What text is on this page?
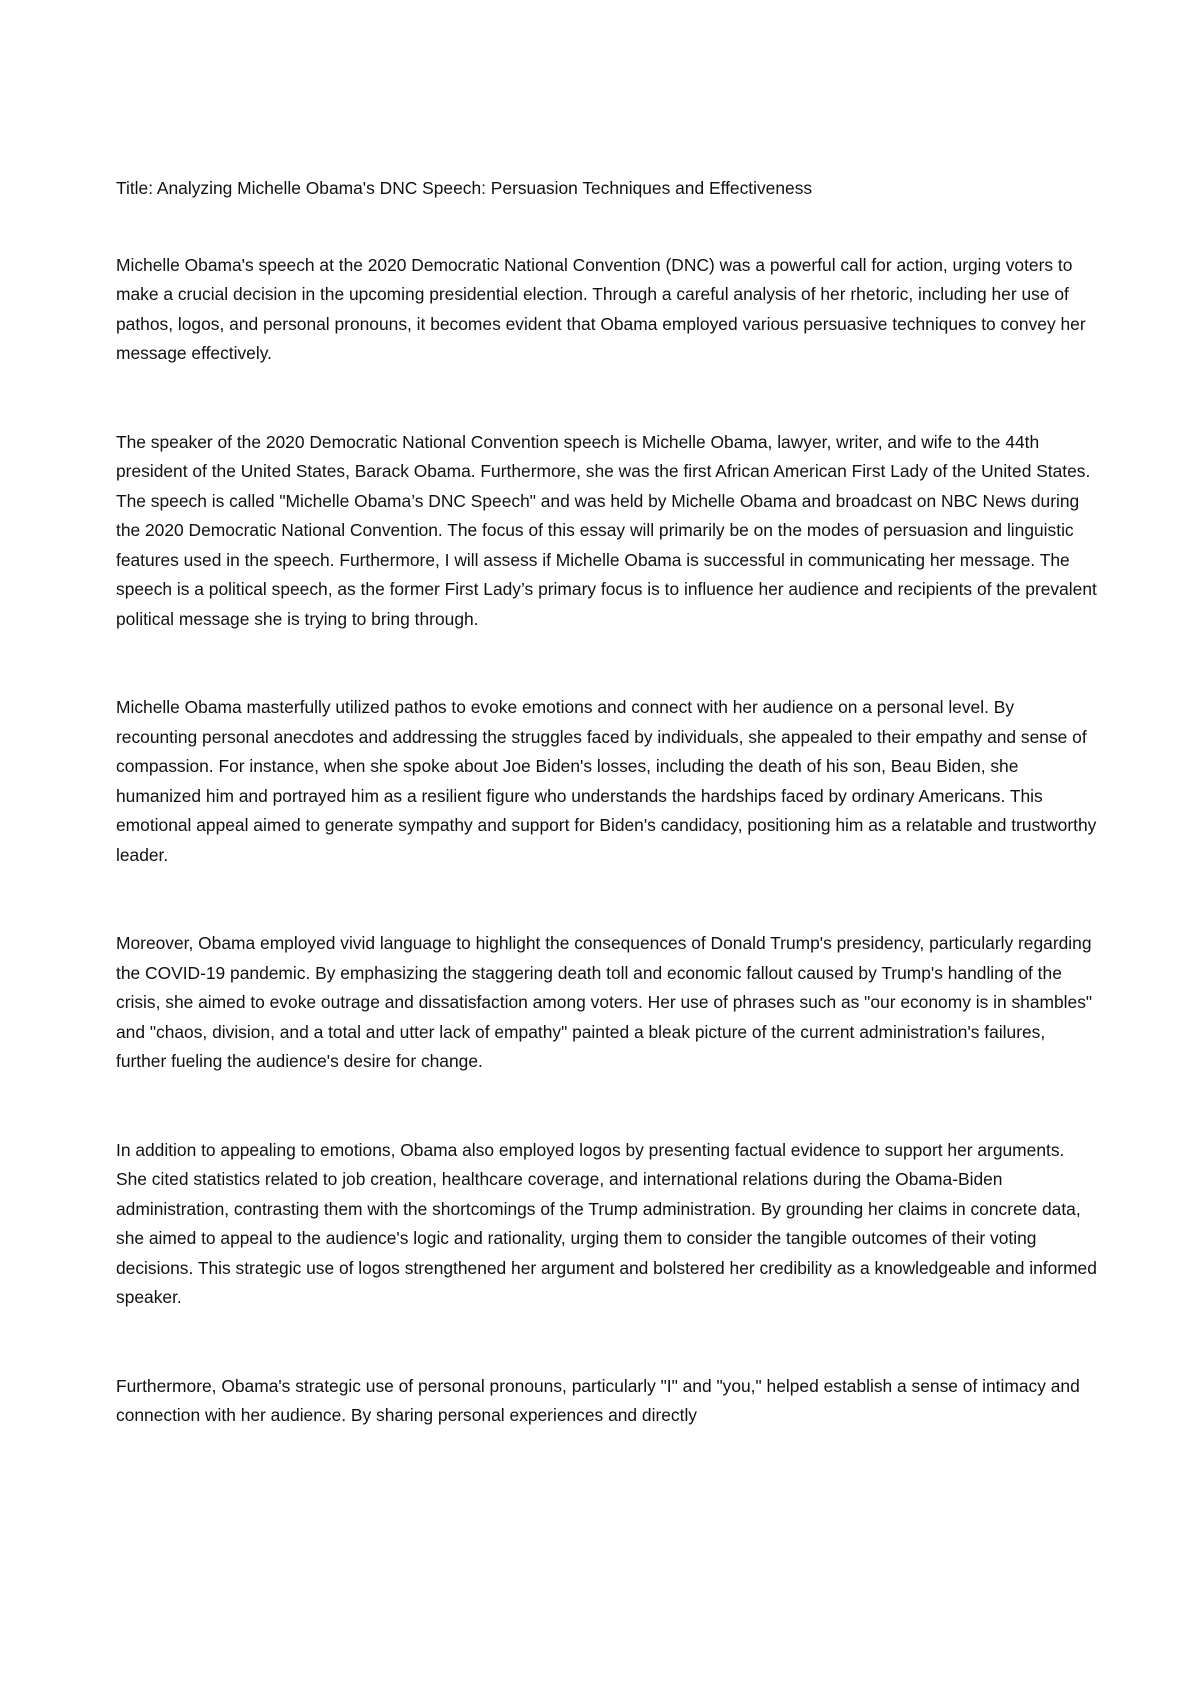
Title: Analyzing Michelle Obama's DNC Speech: Persuasion Techniques and Effectiveness

Michelle Obama's speech at the 2020 Democratic National Convention (DNC) was a powerful call for action, urging voters to make a crucial decision in the upcoming presidential election. Through a careful analysis of her rhetoric, including her use of pathos, logos, and personal pronouns, it becomes evident that Obama employed various persuasive techniques to convey her message effectively.

The speaker of the 2020 Democratic National Convention speech is Michelle Obama, lawyer, writer, and wife to the 44th president of the United States, Barack Obama. Furthermore, she was the first African American First Lady of the United States. The speech is called "Michelle Obama’s DNC Speech" and was held by Michelle Obama and broadcast on NBC News during the 2020 Democratic National Convention. The focus of this essay will primarily be on the modes of persuasion and linguistic features used in the speech. Furthermore, I will assess if Michelle Obama is successful in communicating her message. The speech is a political speech, as the former First Lady’s primary focus is to influence her audience and recipients of the prevalent political message she is trying to bring through.

Michelle Obama masterfully utilized pathos to evoke emotions and connect with her audience on a personal level. By recounting personal anecdotes and addressing the struggles faced by individuals, she appealed to their empathy and sense of compassion. For instance, when she spoke about Joe Biden's losses, including the death of his son, Beau Biden, she humanized him and portrayed him as a resilient figure who understands the hardships faced by ordinary Americans. This emotional appeal aimed to generate sympathy and support for Biden's candidacy, positioning him as a relatable and trustworthy leader.

Moreover, Obama employed vivid language to highlight the consequences of Donald Trump's presidency, particularly regarding the COVID-19 pandemic. By emphasizing the staggering death toll and economic fallout caused by Trump's handling of the crisis, she aimed to evoke outrage and dissatisfaction among voters. Her use of phrases such as "our economy is in shambles" and "chaos, division, and a total and utter lack of empathy" painted a bleak picture of the current administration's failures, further fueling the audience's desire for change.

In addition to appealing to emotions, Obama also employed logos by presenting factual evidence to support her arguments. She cited statistics related to job creation, healthcare coverage, and international relations during the Obama-Biden administration, contrasting them with the shortcomings of the Trump administration. By grounding her claims in concrete data, she aimed to appeal to the audience's logic and rationality, urging them to consider the tangible outcomes of their voting decisions. This strategic use of logos strengthened her argument and bolstered her credibility as a knowledgeable and informed speaker.

Furthermore, Obama's strategic use of personal pronouns, particularly "I" and "you," helped establish a sense of intimacy and connection with her audience. By sharing personal experiences and directly
